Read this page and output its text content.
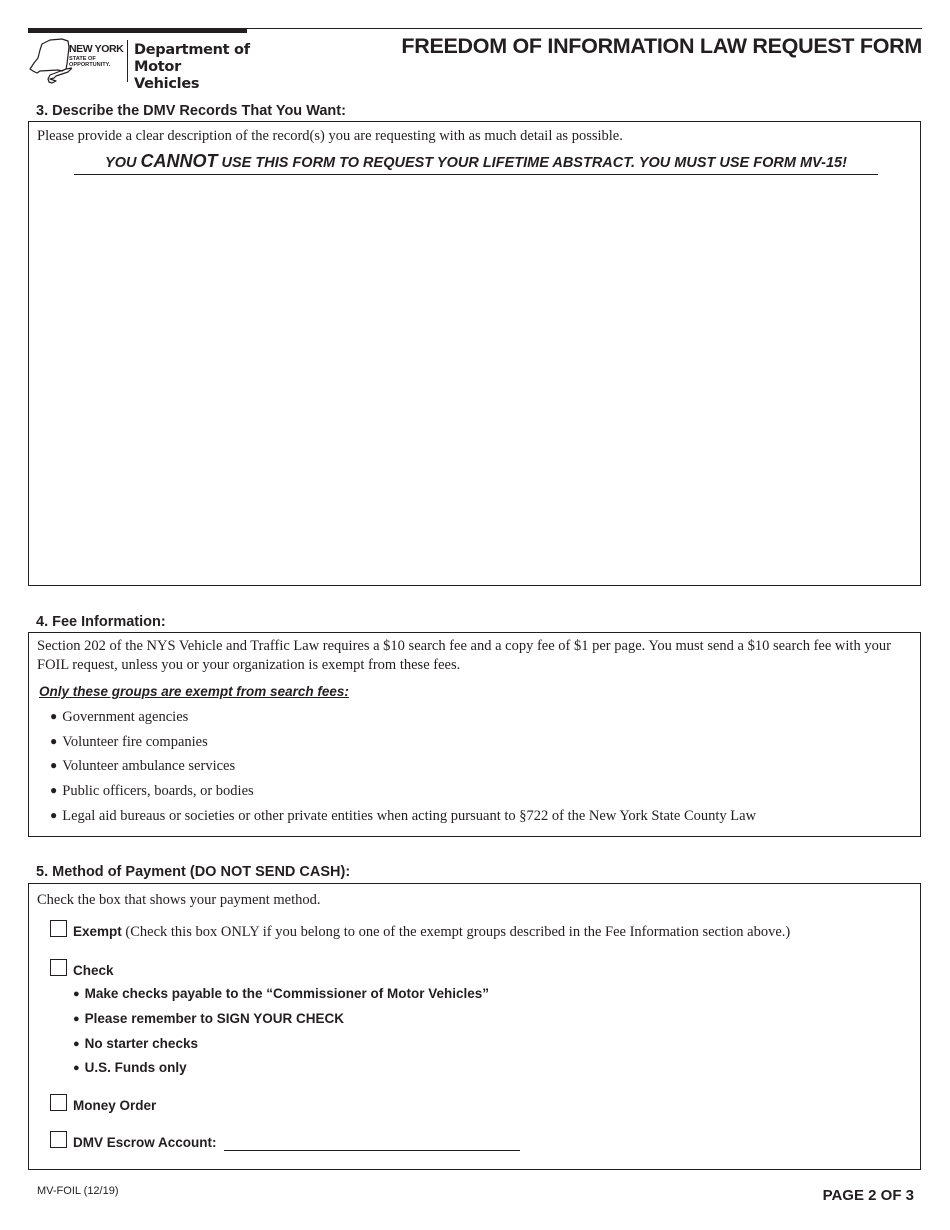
NEW YORK
STATE OF
OPPORTUNITY.
Department of
Motor Vehicles
FREEDOM OF INFORMATION LAW REQUEST FORM
3. Describe the DMV Records That You Want:
Please provide a clear description of the record(s) you are requesting with as much detail as possible.
YOU CANNOT USE THIS FORM TO REQUEST YOUR LIFETIME ABSTRACT. YOU MUST USE FORM MV-15!
4. Fee Information:
Section 202 of the NYS Vehicle and Traffic Law requires a $10 search fee and a copy fee of $1 per page. You must send a $10 search fee with your FOIL request, unless you or your organization is exempt from these fees.
Only these groups are exempt from search fees:
● Government agencies
● Volunteer fire companies
● Volunteer ambulance services
● Public officers, boards, or bodies
● Legal aid bureaus or societies or other private entities when acting pursuant to §722 of the New York State County Law
5. Method of Payment (DO NOT SEND CASH):
Check the box that shows your payment method.
Exempt (Check this box ONLY if you belong to one of the exempt groups described in the Fee Information section above.)
Check
● Make checks payable to the “Commissioner of Motor Vehicles”
● Please remember to SIGN YOUR CHECK
● No starter checks
● U.S. Funds only
Money Order
DMV Escrow Account:
MV-FOIL (12/19)	PAGE 2 OF 3
